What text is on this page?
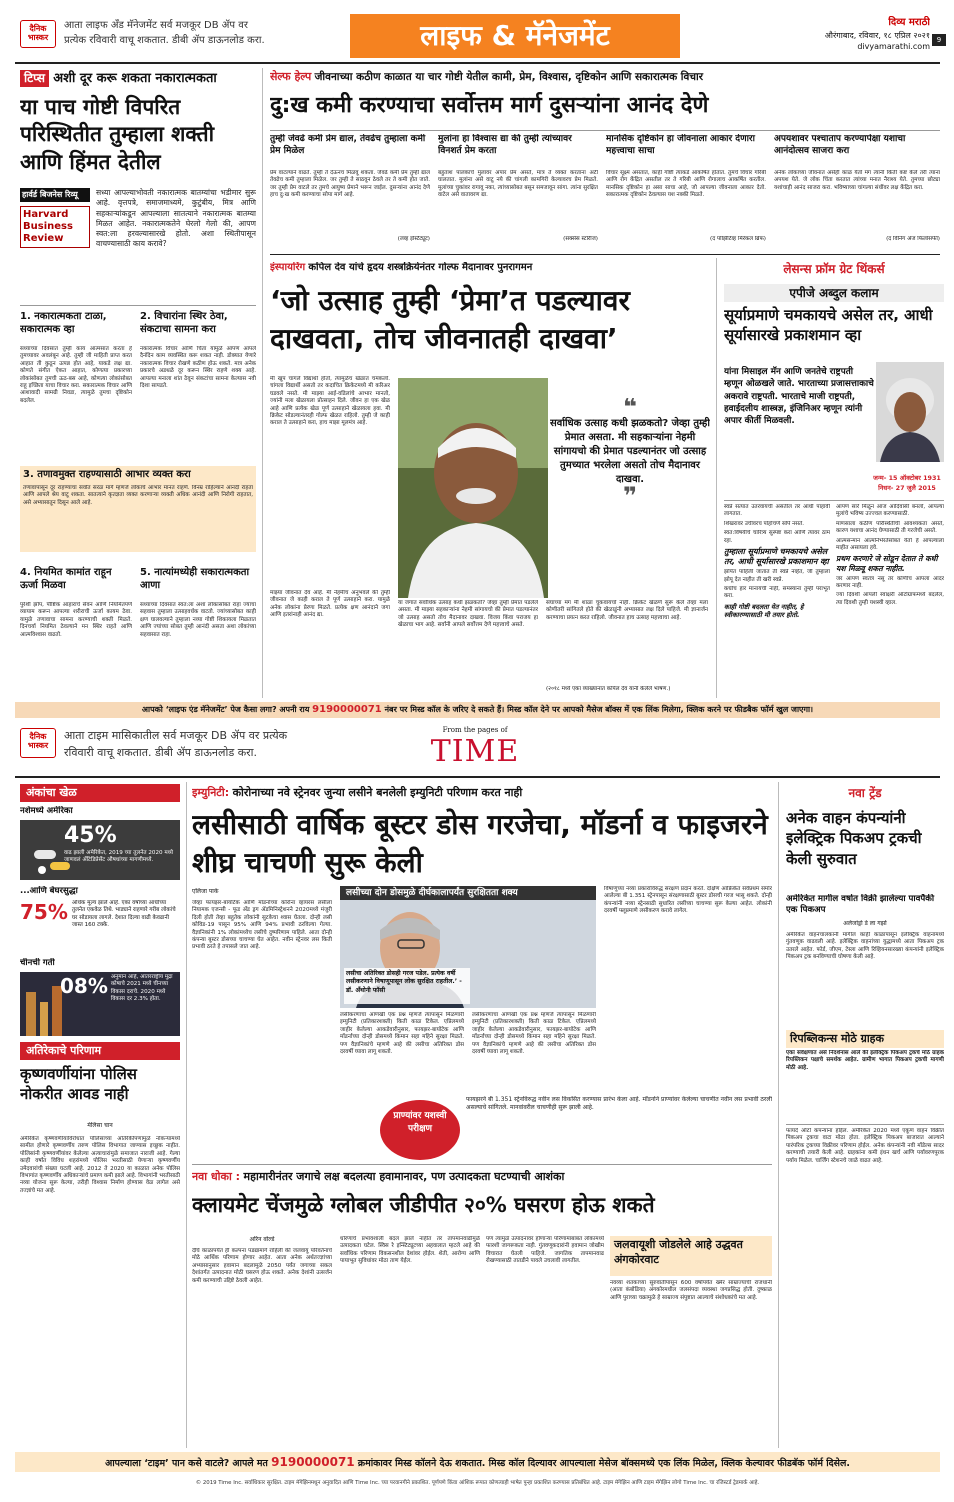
दैनिक भास्कर
आता लाइफ अँड मॅनेजमेंट सर्व मजकूर DB ॲप वर
प्रत्येक रविवारी वाचू शकतात. डीबी ॲप डाऊनलोड करा.	लाइफ & मॅनेजमेंट	दिव्य मराठी
औरंगाबाद, रविवार, १८ एप्रिल २०२१
divyamarathi.com
9
टिप्स अशी दूर करू शकता नकारात्मकता
या पाच गोष्टी विपरित परिस्थितीत तुम्हाला शक्ती आणि हिंमत देतील
हार्वर्ड बिजनेस रिव्यू
Harvard Business Review
सध्या आपल्याभोवती नकारात्मक बातम्यांचा भडीमार सुरू आहे. वृत्तपत्रे, समाजमाध्यमे, कुटुंबीय, मित्र आणि सहकाऱ्यांकडून आपल्याला सातत्याने नकारात्मक बातम्या मिळत आहेत. नकारात्मकतेने घेरलो गेलो की, आपण स्वत:ला हरवल्यासारखे होतो. अशा स्थितीपासून वाचण्यासाठी काय करावे?
1. नकारात्मकता टाळा, सकारात्मक व्हा
सध्याच्या दिवसांत तुम्ही काय आत्मसात करता हे तुमच्यावर अवलंबून आहे. तुम्ही जी माहिती प्राप्त करत आहात ती कुठून उत्पन्न होत आहे, याकडे लक्ष द्या. कोणते संगीत ऐकत आहात, कोणत्या प्रकारच्या लोकांसोबत तुमची ऊठ-बस आहे, कोणत्या लोकांसोबत राहू इच्छिता याचा विचार करा. सकारात्मक विचार आणि आशावादी सामग्री निवडा, त्यामुळे तुमचा दृष्टिकोन बदलेल.
2. विचारांना स्थिर ठेवा, संकटाचा सामना करा
नकारात्मक विचार आणि चिंता यामुळे आपण आपले दैनंदिन काम व्यवस्थित करू शकत नाही. डोक्यात येणारे नकारात्मक विचार रोखणे कठीण होऊ शकते. मात्र अनेक प्रकारचे अडथळे दूर करून स्थिर राहणे शक्य आहे. आपल्या मनाला शांत ठेवून संकटांचा सामना केल्यास नवी दिशा सापडते.
3. तणावमुक्त राहण्यासाठी आभार व्यक्त करा
तणावापासून दूर राहण्याचा सर्वांत सरळ मार्ग म्हणजे लोकांचे आभार मानत राहणे. विनम्र राहिल्याने आनंदी राहता आणि आपले श्रेय वाटू शकता. सातत्याने कृतज्ञता व्यक्त करणाऱ्या व्यक्ती अधिक आनंदी आणि निरोगी राहतात, असे अभ्यासातून दिसून आले आहे.
4. नियमित कामांत राहून ऊर्जा मिळवा
पुरेशी झोप, पौष्टिक आहाराचे सेवन आणि नियमितपणे व्यायाम करून आपल्या शरीराची ऊर्जा कायम ठेवा. यामुळे तणावाचा सामना करण्याची शक्ती मिळते. दिनचर्या नियमित ठेवल्याने मन स्थिर राहते आणि आत्मविश्वास वाढतो.
5. नात्यांमध्येही सकारात्मकता आणा
सध्याच्या दिवसांत स्वत:ला अशा लोकांसोबत राहा ज्यांचा सहवास तुम्हाला उत्साहवर्धक वाटतो. ज्यांच्यासोबत काही क्षण घालवल्याने तुम्हाला नव्या गोष्टी शिकायला मिळतात आणि ज्यांच्या सोबत तुम्ही आनंदी असता अशा लोकांच्या सहवासात राहा.
सेल्फ हेल्प जीवनाच्या कठीण काळात या चार गोष्टी येतील कामी, प्रेम, विश्वास, दृष्टिकोन आणि सकारात्मक विचार
दु:ख कमी करण्याचा सर्वोत्तम मार्ग दुसऱ्यांना आनंद देणे
तुम्ही जेवढे कमी प्रेम द्याल, तेवढेच तुम्हाला कमी प्रेम मिळेल
प्रेम वाटल्याने वाढते. तुम्ही ते देऊनच मिळवू शकता. जेवढे कमी प्रेम तुम्ही द्याल तेवढेच कमी तुम्हाला मिळेल. जर तुम्ही ते साठवून ठेवले तर ते कमी होत जाते. जर तुम्ही प्रेम वाटले तर तुमचे आयुष्य प्रेमाने भरून जाईल. दुसऱ्यांना आनंद देणे हाच दु:ख कमी करण्याचा सोपा मार्ग आहे.
(लव्ह इंस्टिट्यूट)
मुलांना हा विश्वास द्या की तुम्ही त्यांच्यावर विनशर्त प्रेम करता
बहुतांश पालकांचे मुलांवर अपार प्रेम असते, मात्र ते व्यक्त करताना अटी घालतात. मुलांना असे वाटू नये की चांगली कामगिरी केल्यावरच प्रेम मिळते. मुलांच्या चुकांवर रागावू नका, त्यांच्यासोबत बसून समजावून सांगा. त्यांना सुरक्षित वाटेल असे वातावरण द्या.
(सक्सेस स्टोरीज)
मानसिक दृष्टिकोन हा जीवनाला आकार देणारा महत्त्वाचा साचा
विचार सूक्ष्म असतात, काही गोष्टी त्यांकडे आकर्षित होतात. तुमचे विचार गरिबी आणि रोग केंद्रित असतील तर ते गरिबी आणि रोगालाच आकर्षित करतील. मानसिक दृष्टिकोन हा असा साचा आहे, जो आपल्या जीवनाला आकार देतो. सकारात्मक दृष्टिकोन ठेवल्यास यश नक्की मिळते.
(द पॉझिटिव्ह मिरॅकल ब्रिफ)
अपयशावर पश्चाताप करण्यापेक्षा यशाचा आनंदोत्सव साजरा करा
अनेक लोकांच्या जीवनात असेही काळ येतो मग त्यांनी किती कष्ट केले तरी त्यांना अपयश येते. जे लोक चिंता करतात त्यांच्या मनात नैराश्य येते. तुमच्या छोट्या यशांचाही आनंद साजरा करा. भविष्याच्या चांगल्या संधींवर लक्ष केंद्रित करा.
(द विनिंग ॲज फिलॉसफी)
इंस्पायरिंग कपिल देव यांचे हृदय शस्त्रक्रियेनंतर गोल्फ मैदानावर पुनरागमन
‘जो उत्साह तुम्ही ‘प्रेमा’त पडल्यावर दाखवता, तोच जीवनातही दाखवा’
मी खूप चांगले विद्यार्थी होतो, त्यामुळेच खेळात चमकलो. चांगला विद्यार्थी असतो तर कदाचित क्रिकेटमध्ये मी करिअर घडवले नसते. मी माझ्या आई-वडिलांचे आभार मानतो, ज्यांनी मला खेळायला प्रोत्साहन दिले. जीवन हा एक खेळ आहे आणि प्रत्येक खेळ पूर्ण उत्साहाने खेळायला हवा. मी क्रिकेट सोडल्यानंतरही गोल्फ खेळत राहिलो. तुम्ही जे काही कराल ते उत्साहाने करा, हाच माझा मूलमंत्र आहे.
❝
सर्वाधिक उत्साह कधी झळकतो? जेव्हा तुम्ही प्रेमात असता. मी सहकाऱ्यांना नेहमी सांगायचो की प्रेमात पडल्यानंतर जो उत्साह तुमच्यात भरलेला असतो तोच मैदानावर दाखवा.
❞
या जगात सर्वाधिक उत्साह कधी झळकतो? जेव्हा तुम्ही प्रेमात पडलेले असता. मी माझ्या सहकाऱ्यांना नेहमी सांगायचो की प्रेमात पडल्यानंतर जो उत्साह असतो तोच मैदानावर दाखवा. विजय किंवा पराजय हा खेळाचा भाग आहे. सर्वांनी आपले सर्वोत्तम देणे महत्त्वाचे असते.
माझ्या जीवनात देव आहे. मी नेहमीच अनुभवले की तुम्ही जीवनात जे काही कराल ते पूर्ण उत्साहाने करा. यामुळे अनेक लोकांना प्रेरणा मिळते. प्रत्येक क्षण आनंदाने जगा आणि इतरांनाही आनंद द्या.
संघाच्या मग मी शाळा चुकवायचो नाही. क्रिकेट खेळणे सुरू केले तेव्हा मला कोणीतरी सांगितले होते की खेळाडूंनी अभ्यासात लक्ष दिले पाहिजे. मी ज्ञानार्जन करण्याचा प्रयत्न करत राहिलो. जीवनात हाच उत्साह महत्त्वाचा आहे.
(२०१८ मध्ये एका व्याख्यानात कपिल देव यांनी केलेले भाषण.)
लेसन्स फ्रॉम ग्रेट थिंकर्स
एपीजे अब्दुल कलाम
सूर्याप्रमाणे चमकायचे असेल तर, आधी सूर्यासारखे प्रकाशमान व्हा
यांना मिसाइल मॅन आणि जनतेचे राष्ट्रपती म्हणून ओळखले जाते. भारताच्या प्रजासत्ताकाचे अकरावे राष्ट्रपती. भारताचे माजी राष्ट्रपती, हवाईदलीय शास्त्रज्ञ, इंजिनिअर म्हणून त्यांनी अपार कीर्ती मिळवली.
जन्म- 15 ऑक्टोबर 1931
निधन- 27 जुलै 2015
स्वप्ने सत्यात उतरवायची असतील तर आधी पाहावी लागतात.
शिखरावर उंचीवरच पोहोचणे सोपे नसते.
स्वत:विषयीचे चारित्र्य सुस्पष्ट करा आणि त्यावर ठाम रहा.
तुम्हाला सूर्याप्रमाणे चमकायचे असेल तर, आधी सूर्यासारखे प्रकाशमान व्हा
झोपेत पाहिली जातात ती स्वप्ने नव्हेत, जी तुम्हाला झोपू देत नाहीत ती खरी स्वप्ने.
कधीच हार मानायची नाही, समस्यांना तुम्ही पराभूत करा.
काही गोष्टी बदलता येत नाहीत, हे स्वीकारण्यासाठी मी तयार होतो.
आपण सारे मिळून आज आदिवासी बनलो, आपल्या मुलांचे भविष्य उज्ज्वल करण्यासाठी.
माणसाला कठीण परिस्थितीची आवश्यकता असते, कारण यशाचा आनंद घेण्यासाठी ती गरजेची असते.
आत्मसन्मान आत्मनिर्भरतेसोबत येतो हे आपल्याला माहीत असायला हवे.
प्रथम करणारे जे सोडून देतात ते कधी यश मिळवू शकत नाहीत.
जर आपण स्वतंत्र नसू तर कोणीच आपला आदर करणार नाही.
ज्या दिवशी आपली स्वाक्षरी ऑटोग्राफमध्ये बदलेल, त्या दिवशी तुम्ही यशस्वी व्हाल.
आपको ‘लाइफ एंड मॅनेजमेंट’ पेज कैसा लगा? अपनी राय 9190000071 नंबर पर मिस्ड कॉल के जरिए दे सकते हैं। मिस्ड कॉल देने पर आपको मैसेज बॉक्स में एक लिंक मिलेगा, क्लिक करने पर फीडबैक फॉर्म खुल जाएगा।
दैनिक भास्कर
आता टाइम मासिकातील सर्व मजकूर DB ॲप वर प्रत्येक
रविवारी वाचू शकतात. डीबी ॲप डाऊनलोड करा.
From the pages of
TIME
अंकांचा खेळ
नशेमध्ये अमेरिका
45%
वाढ झाली अमेरिकेत, 2019 च्या तुलनेत 2020 मध्ये जाणवलं अँटिडिप्रेसेंट औषधांच्या मागणीमध्ये.
...आणि बेघरसुद्धा
75% अधिक मूल्य झाले आहे. एका वर्षाच्या आधीच्या तुलनेत एकवेळ तिथे. भाड्याने राहणारे गरीब लोकांचे घर सोडायला लागले. देशात दिल्या वाढी केवढानी जास्त 160 टक्के.
चीनची गती
08% अनुमान आहे, आंतरराष्ट्रीय मुद्रा कोषाचे 2021 मध्ये चीनच्या विकास दराचे. 2020 मध्ये विकास दर 2.3% होता.
अतिरेकाचे परिणाम
कृष्णवर्णीयांना पोलिस नोकरीत आवड नाही
मेलिसा चान
अमेरिकेत कृष्णवर्णीयांविरोधात पोलिसांच्या अतिरेकीपणामुळे नोकऱ्यांमध्ये सामील होणारे कृष्णवर्णीय तरुण पोलिस विभागात जाण्यास इच्छुक नाहीत. पोलिसांनी कृष्णवर्णीयांवर केलेल्या अत्याचारांमुळे समाजात नाराजी आहे. गेल्या काही वर्षांत विविध शहरांमध्ये पोलिस भरतीसाठी येणाऱ्या कृष्णवर्णीय उमेदवारांची संख्या घटली आहे. 2012 ते 2020 या काळात अनेक पोलिस विभागांत कृष्णवर्णीय अधिकाऱ्यांचे प्रमाण कमी झाले आहे. विभागांनी भरतीसाठी नव्या योजना सुरू केल्या, तरीही विश्वास निर्माण होण्यास वेळ लागेल असे तज्ज्ञांचे मत आहे.
इम्युनिटी: कोरोनाच्या नवे स्ट्रेनवर जुन्या लसीने बनलेली इम्युनिटी परिणाम करत नाही
लसीसाठी वार्षिक बूस्टर डोस गरजेचा, मॉडर्ना व फाइजरने शीघ्र चाचणी सुरू केली
एलिजा पार्क
जेव्हा फायझर-बायोटेक आणि मॉडर्नाच्या कोरोना व्हायरस लसीला नियामक एजन्सी - फूड अँड ड्रग ॲडमिनिस्ट्रेशनने 2020मध्ये मंजुरी दिली होती तेव्हा बहुतेक लोकांनी सुटकेचा श्वास घेतला. दोन्ही लसी कोविड-19 पासून 95% आणि 94% प्रभावी ठरविल्या गेल्या. वैज्ञानिकांनी 1% लोकांमध्येच लसीचे दुष्परिणाम पाहिले. आता दोन्ही कंपन्या बूस्टर डोसच्या चाचण्या घेत आहेत. नवीन स्ट्रेनवर लस किती प्रभावी ठरते हे तपासले जात आहे.
लसीच्या दोन डोसमुळे दीर्घकालापर्यंत सुरक्षितता शक्य
लसीचा अतिरिक्त डोसही गरज पडेल. प्रत्येक वर्षी लसीकरणाने विषाणूपासून लोक सुरक्षित राहतील.’ - डॉ. अँथोनी फॉसी
लसीकरणाचा आणखी एक प्रश्न म्हणजे त्यापासून मिळणारी इम्युनिटी (प्रतिकारशक्ती) किती काळ टिकेल. एप्रिलमध्ये जाहीर केलेल्या आकडेवारीनुसार, फायझर-बायोटेक आणि मॉडर्नाच्या दोन्ही डोसमध्ये किमान सहा महिने सुरक्षा मिळते. पण वैज्ञानिकांचे म्हणणे आहे की लसीचा अतिरिक्त डोस दरवर्षी घ्यावा लागू शकतो.
विषाणूच्या नव्या प्रकारांविरुद्ध संरक्षण प्रदान करते. दक्षिण आफ्रिकेत सर्वप्रथम समोर आलेल्या बी 1.351 स्ट्रेनपासून संरक्षणासाठी बूस्टर डोसची गरज भासू शकते. दोन्ही कंपन्यांनी नव्या स्ट्रेनसाठी सुधारित लसींच्या चाचण्या सुरू केल्या आहेत. लोकांनी दरवर्षी फ्लूप्रमाणे लसीकरण करावे लागेल.
लसीकरणाचा आणखी एक प्रश्न म्हणजे त्यापासून मिळणारी इम्युनिटी (प्रतिकारशक्ती) किती काळ टिकेल. एप्रिलमध्ये जाहीर केलेल्या आकडेवारीनुसार, फायझर-बायोटेक आणि मॉडर्नाच्या दोन्ही डोसमध्ये किमान सहा महिने सुरक्षा मिळते. पण वैज्ञानिकांचे म्हणणे आहे की लसीचा अतिरिक्त डोस दरवर्षी घ्यावा लागू शकतो.
प्राण्यांवर यशस्वी परीक्षण
फायझरने बी 1.351 स्ट्रेनविरुद्ध नवीन लस विकसित करण्यास प्रारंभ केला आहे. मॉडर्नाने प्राण्यांवर केलेल्या चाचणीत नवीन लस प्रभावी ठरली असल्याचे सांगितले. मानवांवरील चाचणीही सुरू झाली आहे.
नवा धोका : महामारीनंतर जगाचे लक्ष बदलत्या हवामानावर, पण उत्पादकता घटण्याची आशंका
क्लायमेट चेंजमुळे ग्लोबल जीडीपीत २०% घसरण होऊ शकते
अरिन वोल्डे
दीर्घ काळापर्यंत ही कल्पना पडद्यामागे राहिली की जलवायु परिवर्तनाचे मोठे आर्थिक परिणाम होणार आहेत. आता अनेक अर्थतज्ज्ञांच्या अभ्यासानुसार हवामान बदलामुळे 2050 पर्यंत जगाच्या सकल देशांतर्गत उत्पादनात मोठी घसरण होऊ शकते. अनेक देशांनी उत्सर्जन कमी करण्याची उद्दिष्टे ठेवली आहेत.
धोरणाचे प्रभावशाली बदल झाले नाहीत तर तापमानवाढीमुळे उत्पादकता घटेल. स्विस रे इन्स्टिट्यूटच्या अहवालात म्हटले आहे की सर्वाधिक परिणाम विकसनशील देशांवर होईल. शेती, आरोग्य आणि पायाभूत सुविधांवर मोठा ताण येईल.
पण त्यामुळे उत्पादनावर होणाऱ्या परिणामांबाबत लोकांमध्ये फारशी जागरूकता नाही. गुंतवणूकदारांनी हवामान जोखीम विचारात घेतली पाहिजे. जागतिक तापमानवाढ रोखण्यासाठी तातडीने पावले उचलावी लागतील.
जलवायूशी जोडलेले आहे उद्धवत अंगकोरवाट
नवव्या शतकाच्या सुरुवातीपासून 600 वर्षांपर्यंत ख्मेर साम्राज्याची राजधानी (आता कंबोडिया) अंगकोरमधील जलसंपदा व्यवस्था जगप्रसिद्ध होती. दुष्काळ आणि पुराच्या चक्रामुळे हे साम्राज्य संपुष्टात आल्याचे संशोधकांचे मत आहे.
नवा ट्रेंड
अनेक वाहन कंपन्यांनी इलेक्ट्रिक पिकअप ट्रकची केली सुरुवात
अमेरिकेत मागील वर्षात विक्री झालेल्या पावपैकी एक पिकअप
अलेजांड्रो डे ला गर्झा
अमेरिकेत वाहनचालकांनी मागील काही काळापासून इलेक्ट्रिक वाहनांमध्ये गुंतवणूक वाढवली आहे. इलेक्ट्रिक वाहनांच्या युद्धामध्ये आता पिकअप ट्रक उतरले आहेत. फोर्ड, जीएम, टेस्ला आणि रिव्हियनसारख्या कंपन्यांनी इलेक्ट्रिक पिकअप ट्रक बनविण्याची घोषणा केली आहे.
रिपब्लिकन्स मोठे ग्राहक
एका सर्वेक्षणात असे निदर्शनास आले की इलेक्ट्रिक पिकअप ट्रकचे मोठे ग्राहक रिपब्लिकन पक्षाचे समर्थक आहेत. ग्रामीण भागात पिकअप ट्रकची मागणी मोठी आहे.
फायदे ऑटो कंपन्यांना होईल. अमेरिकेत 2020 मध्ये एकूण वाहन विक्रीत पिकअप ट्रकचा वाटा मोठा होता. इलेक्ट्रिक पिकअप बाजारात आल्याने पारंपरिक ट्रकच्या विक्रीवर परिणाम होईल. अनेक कंपन्यांनी नवी मॉडेल्स सादर करण्याची तयारी केली आहे. ग्राहकांना कमी इंधन खर्च आणि पर्यावरणपूरक पर्याय मिळेल. चार्जिंग स्टेशनचे जाळे वाढत आहे.
आपल्याला ‘टाइम’ पान कसे वाटले? आपले मत 9190000071 क्रमांकावर मिस्ड कॉलने देऊ शकतात. मिस्ड कॉल दिल्यावर आपल्याला मेसेज बॉक्समध्ये एक लिंक मिळेल, क्लिक केल्यावर फीडबॅक फॉर्म दिसेल.
© 2019 Time Inc. सर्वाधिकार सुरक्षित. टाइम मॅगेझिनमधून अनुवादित आणि Time Inc. च्या परवानगीने प्रकाशित. पूर्णपणे किंवा आंशिक रूपात कोणत्याही भाषेत पुन्हा प्रकाशित करण्यास प्रतिबंधित आहे. टाइम मॅगेझिन आणि टाइम मॅगेझिन लोगो Time Inc. चा रजिस्टर्ड ट्रेडमार्क आहे.
